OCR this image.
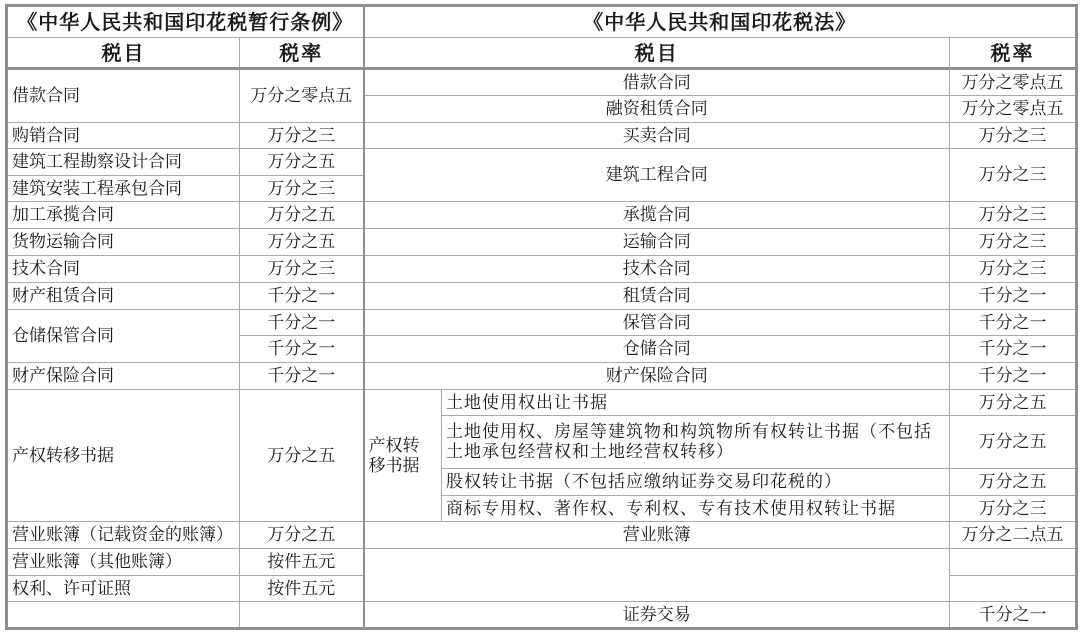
《中华人民共和国印花税暂行条例》		《中华人民共和国印花税法》		
税目	税率	税目		税率
借款合同	万分之零点五	借款合同		万分之零点五
		融资租赁合同		万分之零点五
购销合同	万分之三	买卖合同		万分之三
建筑工程勘察设计合同	万分之五	建筑工程合同		万分之三
建筑安装工程承包合同	万分之三			
加工承揽合同	万分之五	承揽合同		万分之三
货物运输合同	万分之五	运输合同		万分之三
技术合同	万分之三	技术合同		万分之三
财产租赁合同	千分之一	租赁合同		千分之一
仓储保管合同	千分之一	保管合同		千分之一
	千分之一	仓储合同		千分之一
财产保险合同	千分之一	财产保险合同		千分之一
产权转移书据	万分之五	产权转移书据	土地使用权出让书据	万分之五

			土地使用权、房屋等建筑物和构筑物所有权转让书据（不包括
土地承包经营权和土地经营权转移）	万分之五
			股权转让书据（不包括应缴纳证券交易印花税的）	万分之五
			商标专用权、著作权、专利权、专有技术使用权转让书据	万分之三
营业账簿（记载资金的账簿）	万分之五	营业账簿		万分之二点五
营业账簿（其他账簿）	按件五元			
权利、许可证照	按件五元			
		证券交易		千分之一
